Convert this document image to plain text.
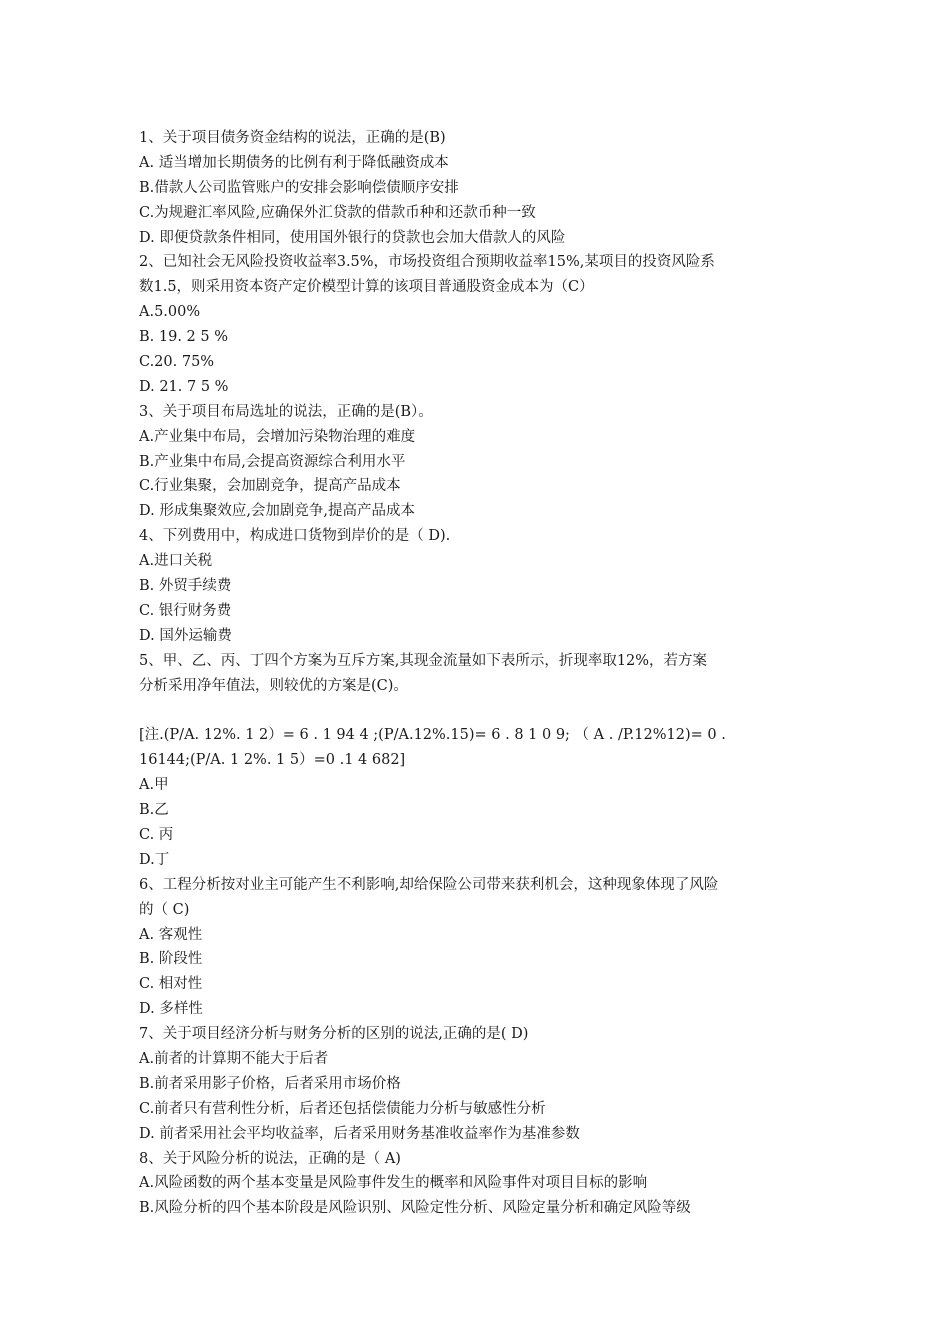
1、关于项目债务资金结构的说法，正确的是(B)
A. 适当增加长期债务的比例有利于降低融资成本
B.借款人公司监管账户的安排会影响偿债顺序安排
C.为规避汇率风险,应确保外汇贷款的借款币种和还款币种一致
D. 即便贷款条件相同，使用国外银行的贷款也会加大借款人的风险
2、已知社会无风险投资收益率3.5%，市场投资组合预期收益率15%,某项目的投资风险系
数1.5，则采用资本资产定价模型计算的该项目普通股资金成本为（C）
A.5.00%
B. 19. 2 5 %
C.20. 75%
D. 21. 7 5 %
3、关于项目布局选址的说法，正确的是(B）。
A.产业集中布局，会增加污染物治理的难度
B.产业集中布局,会提高资源综合利用水平
C.行业集聚，会加剧竞争，提高产品成本
D. 形成集聚效应,会加剧竞争,提高产品成本
4、下列费用中，构成进口货物到岸价的是（ D).
A.进口关税
B. 外贸手续费
C. 银行财务费
D. 国外运输费
5、甲、乙、丙、丁四个方案为互斥方案,其现金流量如下表所示，折现率取12%，若方案
分析采用净年值法，则较优的方案是(C)。
[注.(P/A. 12%. 1 2）= 6 . 1 94 4 ;(P/A.12%.15)= 6 . 8 1 0 9; （ A . /P.12%12)= 0 .
16144;(P/A. 1 2%. 1 5）=0 .1 4 682]
A.甲
B.乙
C. 丙
D.丁
6、工程分析按对业主可能产生不利影响,却给保险公司带来获利机会，这种现象体现了风险
的（ C)
A. 客观性
B. 阶段性
C. 相对性
D. 多样性
7、关于项目经济分析与财务分析的区别的说法,正确的是( D)
A.前者的计算期不能大于后者
B.前者采用影子价格，后者采用市场价格
C.前者只有营利性分析，后者还包括偿债能力分析与敏感性分析
D. 前者采用社会平均收益率，后者采用财务基准收益率作为基准参数
8、关于风险分析的说法，正确的是（ A)
A.风险函数的两个基本变量是风险事件发生的概率和风险事件对项目目标的影响
B.风险分析的四个基本阶段是风险识别、风险定性分析、风险定量分析和确定风险等级
